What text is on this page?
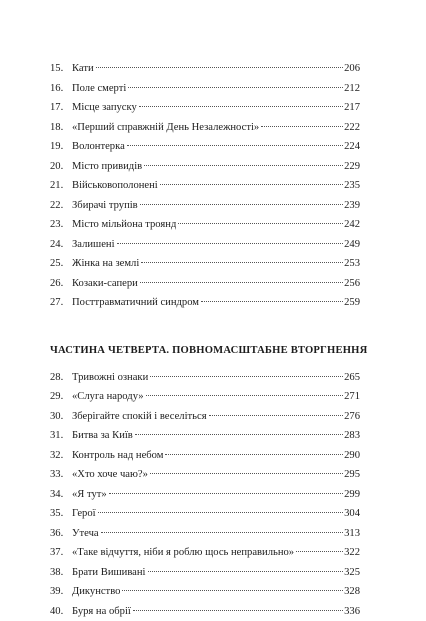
15. Кати	206
16. Поле смерті	212
17. Місце запуску	217
18. «Перший справжній День Незалежності»	222
19. Волонтерка	224
20. Місто привидів	229
21. Військовополонені	235
22. Збирачі трупів	239
23. Місто мільйона троянд	242
24. Залишені	249
25. Жінка на землі	253
26. Козаки-сапери	256
27. Посттравматичний синдром	259
ЧАСТИНА ЧЕТВЕРТА. ПОВНОМАСШТАБНЕ ВТОРГНЕННЯ
28. Тривожні ознаки	265
29. «Слуга народу»	271
30. Зберігайте спокій і веселіться	276
31. Битва за Київ	283
32. Контроль над небом	290
33. «Хто хоче чаю?»	295
34. «Я тут»	299
35. Герої	304
36. Утеча	313
37. «Таке відчуття, ніби я роблю щось неправильно»	322
38. Брати Вишивані	325
39. Дикунство	328
40. Буря на обрії	336
